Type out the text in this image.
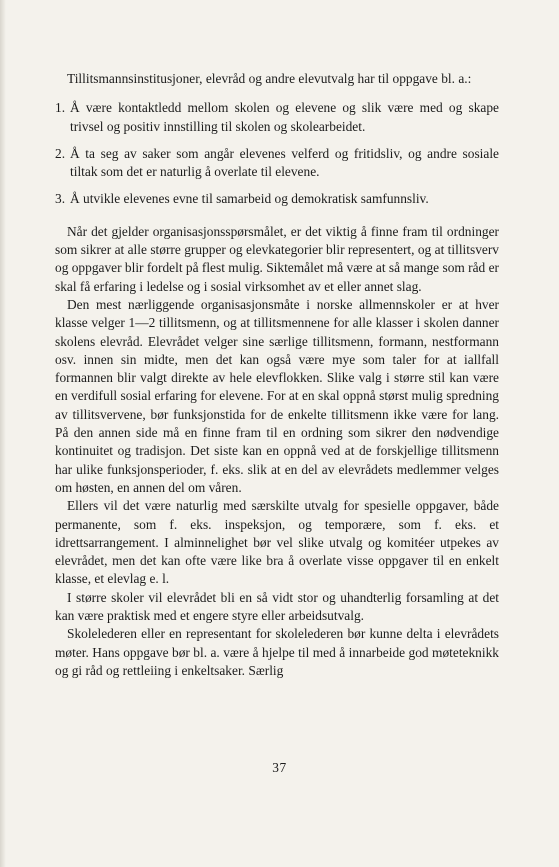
Tillitsmannsinstitusjoner, elevråd og andre elevutvalg har til oppgave bl. a.:

1. Å være kontaktledd mellom skolen og elevene og slik være med og skape trivsel og positiv innstilling til skolen og skolearbeidet.
2. Å ta seg av saker som angår elevenes velferd og fritidsliv, og andre sosiale tiltak som det er naturlig å overlate til elevene.
3. Å utvikle elevenes evne til samarbeid og demokratisk samfunnsliv.

Når det gjelder organisasjonsspørsmålet, er det viktig å finne fram til ordninger som sikrer at alle større grupper og elevkategorier blir representert, og at tillitsverv og oppgaver blir fordelt på flest mulig. Siktemålet må være at så mange som råd er skal få erfaring i ledelse og i sosial virksomhet av et eller annet slag.

Den mest nærliggende organisasjonsmåte i norske allmennskoler er at hver klasse velger 1—2 tillitsmenn, og at tillitsmennene for alle klasser i skolen danner skolens elevråd. Elevrådet velger sine særlige tillitsmenn, formann, nestformann osv. innen sin midte, men det kan også være mye som taler for at iallfall formannen blir valgt direkte av hele elevflokken. Slike valg i større stil kan være en verdifull sosial erfaring for elevene. For at en skal oppnå størst mulig spredning av tillitsvervene, bør funksjonstida for de enkelte tillitsmenn ikke være for lang. På den annen side må en finne fram til en ordning som sikrer den nødvendige kontinuitet og tradisjon. Det siste kan en oppnå ved at de forskjellige tillitsmenn har ulike funksjonsperioder, f. eks. slik at en del av elevrådets medlemmer velges om høsten, en annen del om våren.

Ellers vil det være naturlig med særskilte utvalg for spesielle oppgaver, både permanente, som f. eks. inspeksjon, og temporære, som f. eks. et idrettsarrangement. I alminnelighet bør vel slike utvalg og komitéer utpekes av elevrådet, men det kan ofte være like bra å overlate visse oppgaver til en enkelt klasse, et elevlag e. l.

I større skoler vil elevrådet bli en så vidt stor og uhandterlig forsamling at det kan være praktisk med et engere styre eller arbeidsutvalg.

Skolelederen eller en representant for skolelederen bør kunne delta i elevrådets møter. Hans oppgave bør bl. a. være å hjelpe til med å innarbeide god møteteknikk og gi råd og rettleiing i enkeltsaker. Særlig

37
